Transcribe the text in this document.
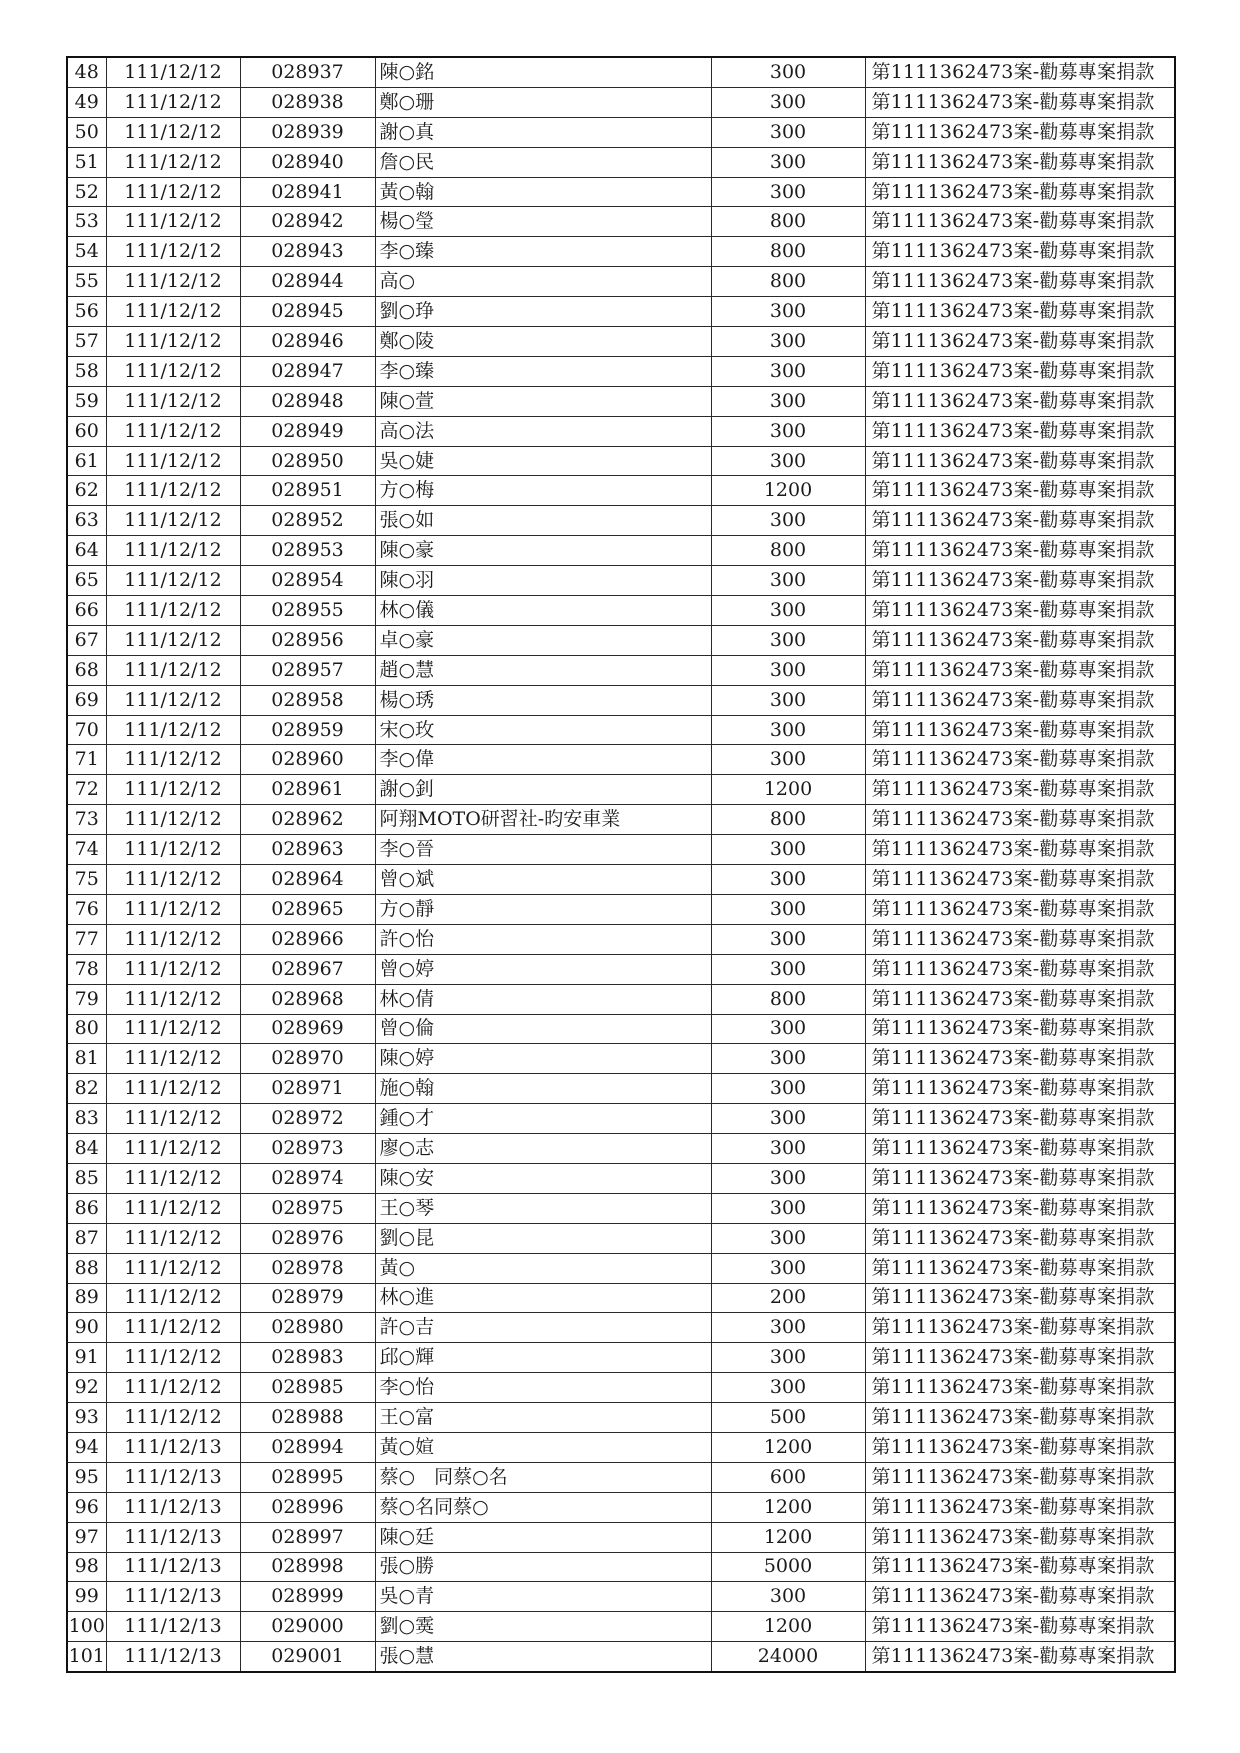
48	111/12/12	028937	陳○銘	300	第1111362473案-勸募專案捐款
49	111/12/12	028938	鄭○珊	300	第1111362473案-勸募專案捐款
50	111/12/12	028939	謝○真	300	第1111362473案-勸募專案捐款
51	111/12/12	028940	詹○民	300	第1111362473案-勸募專案捐款
52	111/12/12	028941	黃○翰	300	第1111362473案-勸募專案捐款
53	111/12/12	028942	楊○瑩	800	第1111362473案-勸募專案捐款
54	111/12/12	028943	李○臻	800	第1111362473案-勸募專案捐款
55	111/12/12	028944	高○	800	第1111362473案-勸募專案捐款
56	111/12/12	028945	劉○琤	300	第1111362473案-勸募專案捐款
57	111/12/12	028946	鄭○陵	300	第1111362473案-勸募專案捐款
58	111/12/12	028947	李○臻	300	第1111362473案-勸募專案捐款
59	111/12/12	028948	陳○萱	300	第1111362473案-勸募專案捐款
60	111/12/12	028949	高○法	300	第1111362473案-勸募專案捐款
61	111/12/12	028950	吳○婕	300	第1111362473案-勸募專案捐款
62	111/12/12	028951	方○梅	1200	第1111362473案-勸募專案捐款
63	111/12/12	028952	張○如	300	第1111362473案-勸募專案捐款
64	111/12/12	028953	陳○豪	800	第1111362473案-勸募專案捐款
65	111/12/12	028954	陳○羽	300	第1111362473案-勸募專案捐款
66	111/12/12	028955	林○儀	300	第1111362473案-勸募專案捐款
67	111/12/12	028956	卓○豪	300	第1111362473案-勸募專案捐款
68	111/12/12	028957	趙○慧	300	第1111362473案-勸募專案捐款
69	111/12/12	028958	楊○琇	300	第1111362473案-勸募專案捐款
70	111/12/12	028959	宋○玫	300	第1111362473案-勸募專案捐款
71	111/12/12	028960	李○偉	300	第1111362473案-勸募專案捐款
72	111/12/12	028961	謝○釗	1200	第1111362473案-勸募專案捐款
73	111/12/12	028962	阿翔MOTO研習社-昀安車業	800	第1111362473案-勸募專案捐款
74	111/12/12	028963	李○晉	300	第1111362473案-勸募專案捐款
75	111/12/12	028964	曾○斌	300	第1111362473案-勸募專案捐款
76	111/12/12	028965	方○靜	300	第1111362473案-勸募專案捐款
77	111/12/12	028966	許○怡	300	第1111362473案-勸募專案捐款
78	111/12/12	028967	曾○婷	300	第1111362473案-勸募專案捐款
79	111/12/12	028968	林○倩	800	第1111362473案-勸募專案捐款
80	111/12/12	028969	曾○倫	300	第1111362473案-勸募專案捐款
81	111/12/12	028970	陳○婷	300	第1111362473案-勸募專案捐款
82	111/12/12	028971	施○翰	300	第1111362473案-勸募專案捐款
83	111/12/12	028972	鍾○才	300	第1111362473案-勸募專案捐款
84	111/12/12	028973	廖○志	300	第1111362473案-勸募專案捐款
85	111/12/12	028974	陳○安	300	第1111362473案-勸募專案捐款
86	111/12/12	028975	王○琴	300	第1111362473案-勸募專案捐款
87	111/12/12	028976	劉○昆	300	第1111362473案-勸募專案捐款
88	111/12/12	028978	黃○	300	第1111362473案-勸募專案捐款
89	111/12/12	028979	林○進	200	第1111362473案-勸募專案捐款
90	111/12/12	028980	許○吉	300	第1111362473案-勸募專案捐款
91	111/12/12	028983	邱○輝	300	第1111362473案-勸募專案捐款
92	111/12/12	028985	李○怡	300	第1111362473案-勸募專案捐款
93	111/12/12	028988	王○富	500	第1111362473案-勸募專案捐款
94	111/12/13	028994	黃○媗	1200	第1111362473案-勸募專案捐款
95	111/12/13	028995	蔡○　同蔡○名	600	第1111362473案-勸募專案捐款
96	111/12/13	028996	蔡○名同蔡○	1200	第1111362473案-勸募專案捐款
97	111/12/13	028997	陳○廷	1200	第1111362473案-勸募專案捐款
98	111/12/13	028998	張○勝	5000	第1111362473案-勸募專案捐款
99	111/12/13	028999	吳○青	300	第1111362473案-勸募專案捐款
100	111/12/13	029000	劉○霙	1200	第1111362473案-勸募專案捐款
101	111/12/13	029001	張○慧	24000	第1111362473案-勸募專案捐款
